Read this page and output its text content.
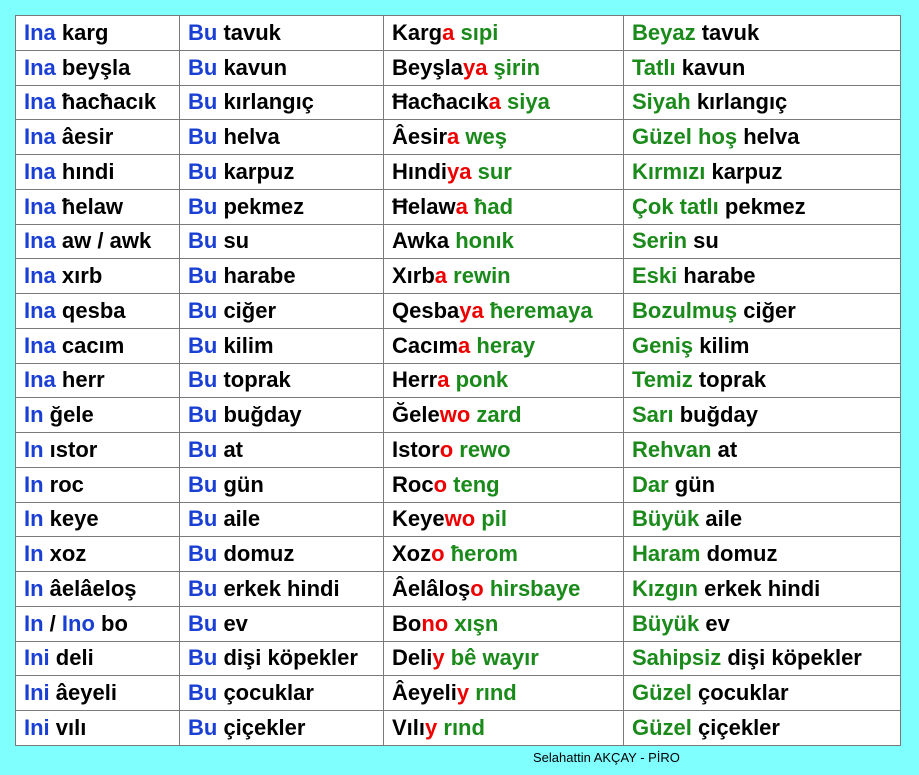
Ina karg	Bu tavuk	Karga sıpi	Beyaz tavuk
Ina beyşla	Bu kavun	Beyşlaya şirin	Tatlı kavun
Ina ħacħacık	Bu kırlangıç	Ħacħacıka siya	Siyah kırlangıç
Ina âesir	Bu helva	Âesira weş	Güzel hoş helva
Ina hındi	Bu karpuz	Hındiya sur	Kırmızı karpuz
Ina ħelaw	Bu pekmez	Ħelawa ħad	Çok tatlı pekmez
Ina aw / awk	Bu su	Awka honık	Serin su
Ina xırb	Bu harabe	Xırba rewin	Eski harabe
Ina qesba	Bu ciğer	Qesbaya ħeremaya	Bozulmuş ciğer
Ina cacım	Bu kilim	Cacıma heray	Geniş kilim
Ina herr	Bu toprak	Herra ponk	Temiz toprak
In ğele	Bu buğday	Ğelewo zard	Sarı buğday
In ıstor	Bu at	Istoro rewo	Rehvan at
In roc	Bu gün	Roco teng	Dar gün
In keye	Bu aile	Keyewo pil	Büyük aile
In xoz	Bu domuz	Xozo ħerom	Haram domuz
In âelâeloş	Bu erkek hindi	Âelâloşo hirsbaye	Kızgın erkek hindi
In / Ino bo	Bu ev	Bono xışn	Büyük ev
Ini deli	Bu dişi köpekler	Deliy bê wayır	Sahipsiz dişi köpekler
Ini âeyeli	Bu çocuklar	Âeyeliy rınd	Güzel çocuklar
Ini vılı	Bu çiçekler	Vılıy rınd	Güzel çiçekler
Selahattin AKÇAY - PİRO
